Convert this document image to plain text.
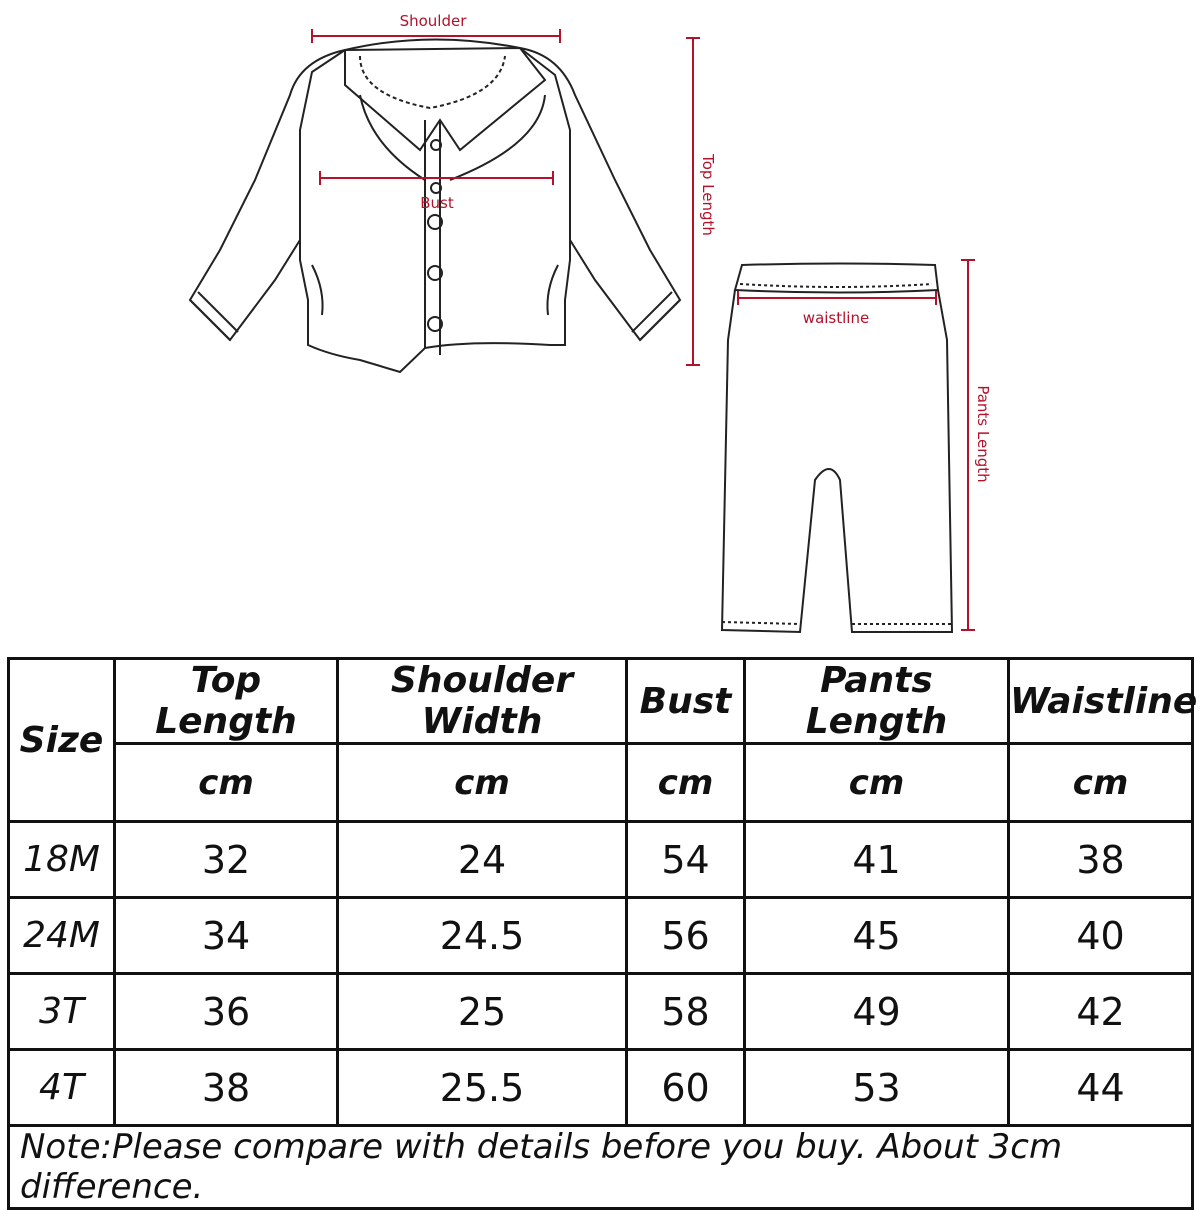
Shoulder
Bust	Top Length
waistline
Pants Length
Size	Top Length	Shoulder Width	Bust	Pants Length	Waistline
	cm	cm	cm	cm	cm
18M	32	24	54	41	38
24M	34	24.5	56	45	40
3T	36	25	58	49	42
4T	38	25.5	60	53	44
Note:Please compare with details before you buy. About 3cm difference.					
